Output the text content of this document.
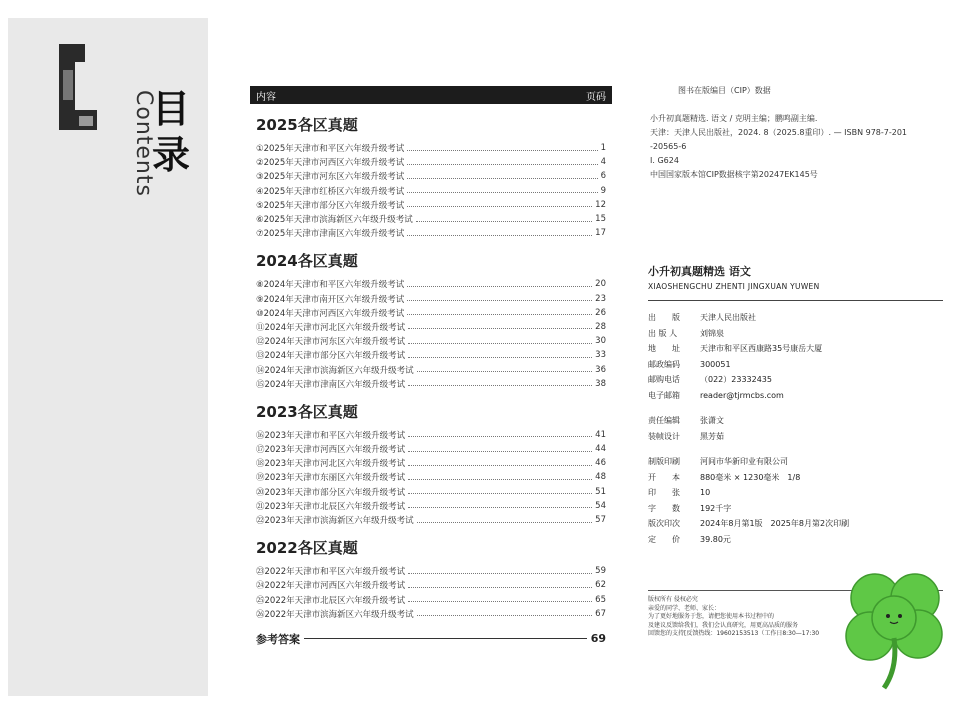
Contents
目
录
内容	页码
2025各区真题
①2025年天津市和平区六年级升级考试	1
②2025年天津市河西区六年级升级考试	4
③2025年天津市河东区六年级升级考试	6
④2025年天津市红桥区六年级升级考试	9
⑤2025年天津市部分区六年级升级考试	12
⑥2025年天津市滨海新区六年级升级考试	15
⑦2025年天津市津南区六年级升级考试	17
2024各区真题
⑧2024年天津市和平区六年级升级考试	20
⑨2024年天津市南开区六年级升级考试	23
⑩2024年天津市河西区六年级升级考试	26
⑪2024年天津市河北区六年级升级考试	28
⑫2024年天津市河东区六年级升级考试	30
⑬2024年天津市部分区六年级升级考试	33
⑭2024年天津市滨海新区六年级升级考试	36
⑮2024年天津市津南区六年级升级考试	38
2023各区真题
⑯2023年天津市和平区六年级升级考试	41
⑰2023年天津市河西区六年级升级考试	44
⑱2023年天津市河北区六年级升级考试	46
⑲2023年天津市东丽区六年级升级考试	48
⑳2023年天津市部分区六年级升级考试	51
㉑2023年天津市北辰区六年级升级考试	54
㉒2023年天津市滨海新区六年级升级考试	57
2022各区真题
㉓2022年天津市和平区六年级升级考试	59
㉔2022年天津市河西区六年级升级考试	62
㉕2022年天津市北辰区六年级升级考试	65
㉖2022年天津市滨海新区六年级升级考试	67
参考答案	69

图书在版编目（CIP）数据

小升初真题精选. 语文 / 克明主编；鹏鸣副主编.

天津：天津人民出版社，2024. 8（2025.8重印）. — ISBN 978-7-201

-20565-6

Ⅰ. G624

中国国家版本馆CIP数据核字第20247EK145号

小升初真题精选 语文
XIAOSHENGCHU ZHENTI JINGXUAN YUWEN
出　　版	天津人民出版社
出 版 人	刘锦泉
地　　址	天津市和平区西康路35号康岳大厦
邮政编码	300051
邮购电话	（022）23332435
电子邮箱	reader@tjrmcbs.com
责任编辑	张潇文
装帧设计	黑芳茹
制版印刷	河间市华新印业有限公司
开　　本	880毫米 × 1230毫米　1/8
印　　张	10
字　　数	192千字
版次印次	2024年8月第1版　2025年8月第2次印刷
定　　价	39.80元
版权所有 侵权必究
亲爱的同学、老师、家长：
为了更好地服务于您，请把您使用本书过程中的
及建议反馈给我们，我们会认真研究，用更高品质的服务
回馈您的支持[反馈热线：19602153513（工作日8:30—17:30
